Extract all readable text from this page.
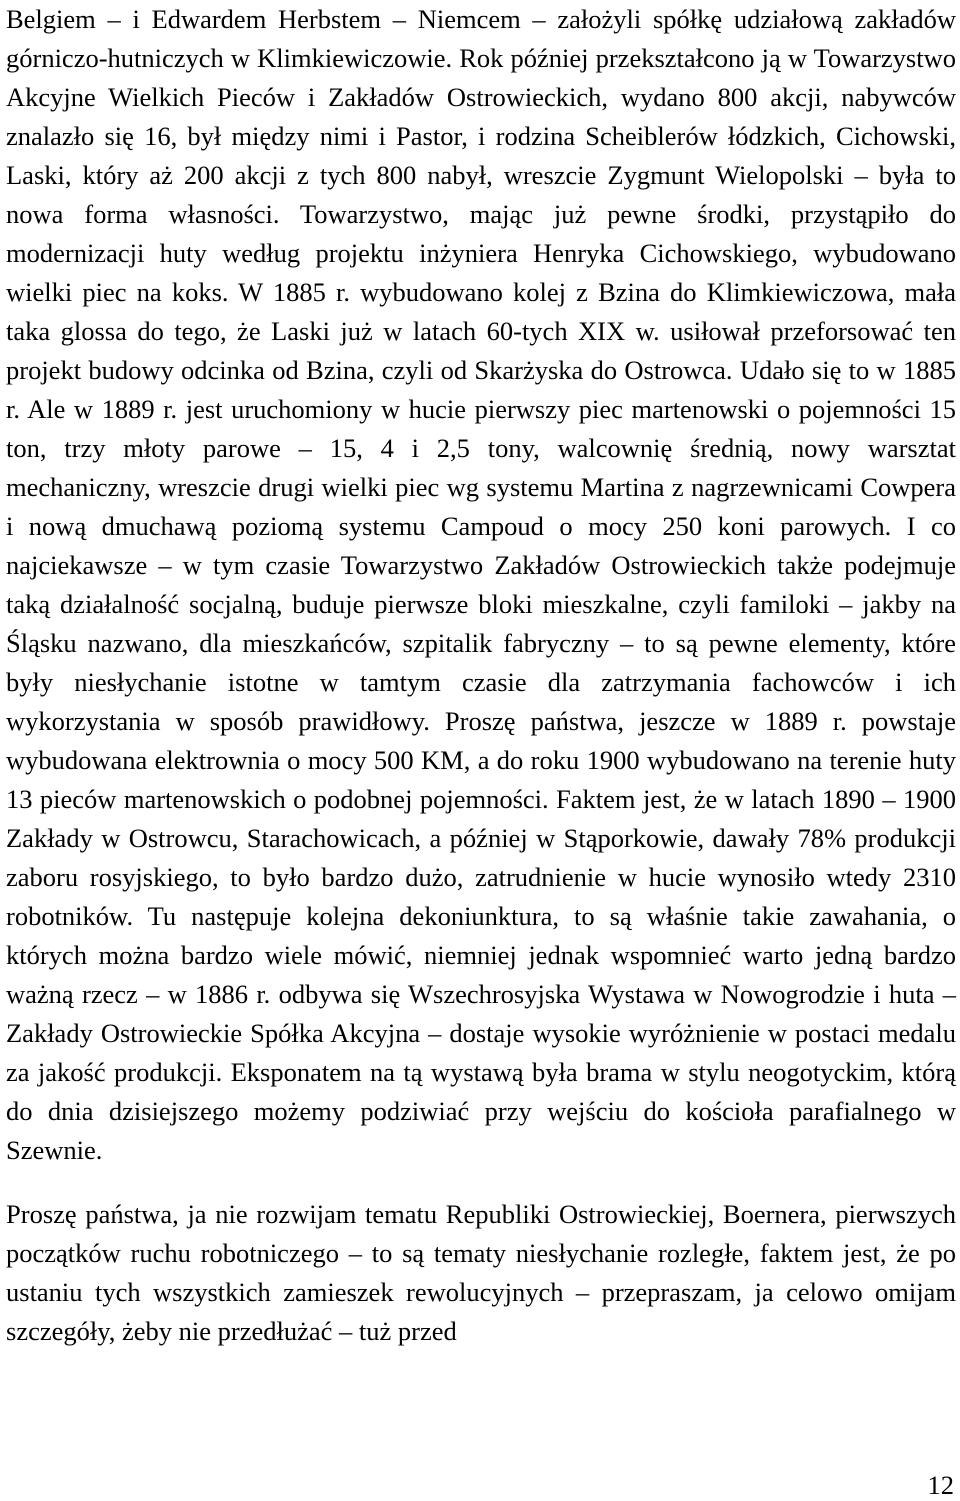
Belgiem – i Edwardem Herbstem – Niemcem – założyli spółkę udziałową zakładów górniczo-hutniczych w Klimkiewiczowie. Rok później przekształcono ją w Towarzystwo Akcyjne Wielkich Pieców i Zakładów Ostrowieckich, wydano 800 akcji, nabywców znalazło się 16, był między nimi i Pastor, i rodzina Scheiblerów łódzkich, Cichowski, Laski, który aż 200 akcji z tych 800 nabył, wreszcie Zygmunt Wielopolski – była to nowa forma własności. Towarzystwo, mając już pewne środki, przystąpiło do modernizacji huty według projektu inżyniera Henryka Cichowskiego, wybudowano wielki piec na koks. W 1885 r. wybudowano kolej z Bzina do Klimkiewiczowa, mała taka glossa do tego, że Laski już w latach 60-tych XIX w. usiłował przeforsować ten projekt budowy odcinka od Bzina, czyli od Skarżyska do Ostrowca. Udało się to w 1885 r. Ale w 1889 r. jest uruchomiony w hucie pierwszy piec martenowski o pojemności 15 ton, trzy młoty parowe – 15, 4 i 2,5 tony, walcownię średnią, nowy warsztat mechaniczny, wreszcie drugi wielki piec wg systemu Martina z nagrzewnicami Cowpera i nową dmuchawą poziomą systemu Campoud o mocy 250 koni parowych. I co najciekawsze – w tym czasie Towarzystwo Zakładów Ostrowieckich także podejmuje taką działalność socjalną, buduje pierwsze bloki mieszkalne, czyli familoki – jakby na Śląsku nazwano, dla mieszkańców, szpitalik fabryczny – to są pewne elementy, które były niesłychanie istotne w tamtym czasie dla zatrzymania fachowców i ich wykorzystania w sposób prawidłowy. Proszę państwa, jeszcze w 1889 r. powstaje wybudowana elektrownia o mocy 500 KM, a do roku 1900 wybudowano na terenie huty 13 pieców martenowskich o podobnej pojemności. Faktem jest, że w latach 1890 – 1900 Zakłady w Ostrowcu, Starachowicach, a później w Stąporkowie, dawały 78% produkcji zaboru rosyjskiego, to było bardzo dużo, zatrudnienie w hucie wynosiło wtedy 2310 robotników. Tu następuje kolejna dekoniunktura, to są właśnie takie zawahania, o których można bardzo wiele mówić, niemniej jednak wspomnieć warto jedną bardzo ważną rzecz – w 1886 r. odbywa się Wszechrosyjska Wystawa w Nowogrodzie i huta – Zakłady Ostrowieckie Spółka Akcyjna – dostaje wysokie wyróżnienie w postaci medalu za jakość produkcji. Eksponatem na tą wystawą była brama w stylu neogotyckim, którą do dnia dzisiejszego możemy podziwiać przy wejściu do kościoła parafialnego w Szewnie.

Proszę państwa, ja nie rozwijam tematu Republiki Ostrowieckiej, Boernera, pierwszych początków ruchu robotniczego – to są tematy niesłychanie rozległe, faktem jest, że po ustaniu tych wszystkich zamieszek rewolucyjnych – przepraszam, ja celowo omijam szczegóły, żeby nie przedłużać – tuż przed

12
